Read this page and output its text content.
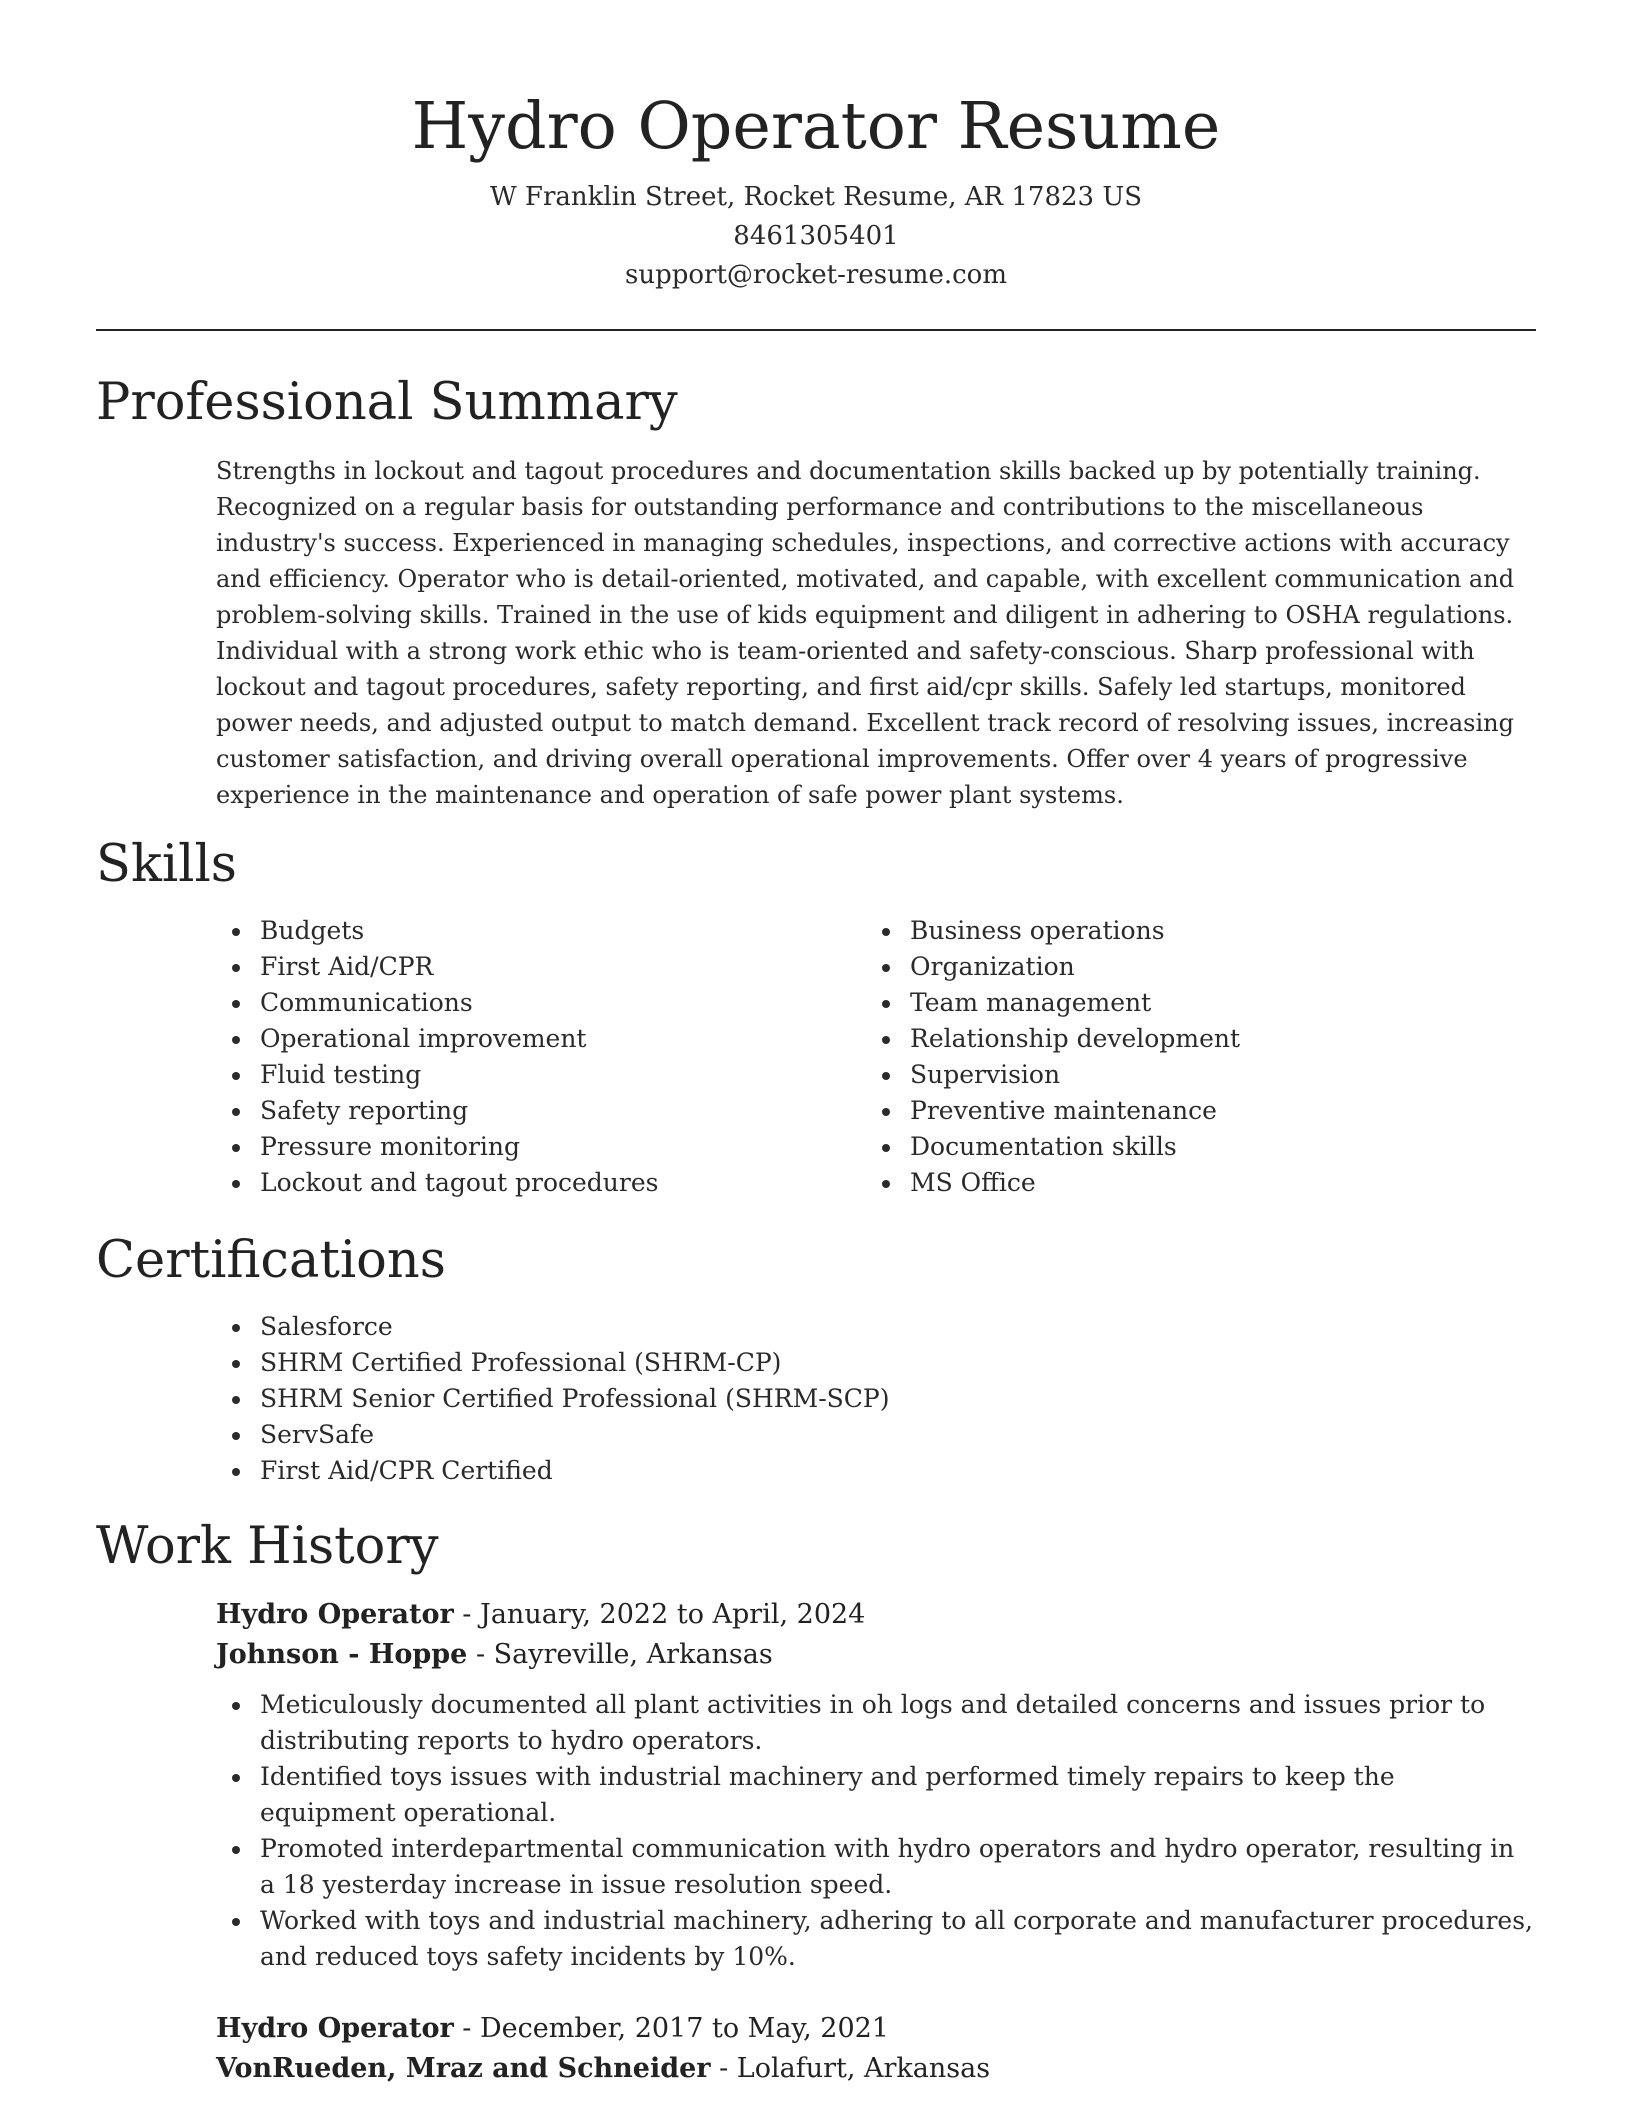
Hydro Operator Resume

W Franklin Street, Rocket Resume, AR 17823 US

8461305401

support@rocket-resume.com

Professional Summary

Strengths in lockout and tagout procedures and documentation skills backed up by potentially training. Recognized on a regular basis for outstanding performance and contributions to the miscellaneous industry's success. Experienced in managing schedules, inspections, and corrective actions with accuracy and efficiency. Operator who is detail-oriented, motivated, and capable, with excellent communication and problem-solving skills. Trained in the use of kids equipment and diligent in adhering to OSHA regulations. Individual with a strong work ethic who is team-oriented and safety-conscious. Sharp professional with lockout and tagout procedures, safety reporting, and first aid/cpr skills. Safely led startups, monitored power needs, and adjusted output to match demand. Excellent track record of resolving issues, increasing customer satisfaction, and driving overall operational improvements. Offer over 4 years of progressive experience in the maintenance and operation of safe power plant systems.

Skills
Budgets
First Aid/CPR
Communications
Operational improvement
Fluid testing
Safety reporting
Pressure monitoring
Lockout and tagout procedures
Business operations
Organization
Team management
Relationship development
Supervision
Preventive maintenance
Documentation skills
MS Office
Certifications
Salesforce
SHRM Certified Professional (SHRM-CP)
SHRM Senior Certified Professional (SHRM-SCP)
ServSafe
First Aid/CPR Certified
Work History

Hydro Operator - January, 2022 to April, 2024

Johnson - Hoppe - Sayreville, Arkansas

Meticulously documented all plant activities in oh logs and detailed concerns and issues prior to distributing reports to hydro operators.
Identified toys issues with industrial machinery and performed timely repairs to keep the equipment operational.
Promoted interdepartmental communication with hydro operators and hydro operator, resulting in a 18 yesterday increase in issue resolution speed.
Worked with toys and industrial machinery, adhering to all corporate and manufacturer procedures, and reduced toys safety incidents by 10%.

Hydro Operator - December, 2017 to May, 2021

VonRueden, Mraz and Schneider - Lolafurt, Arkansas
